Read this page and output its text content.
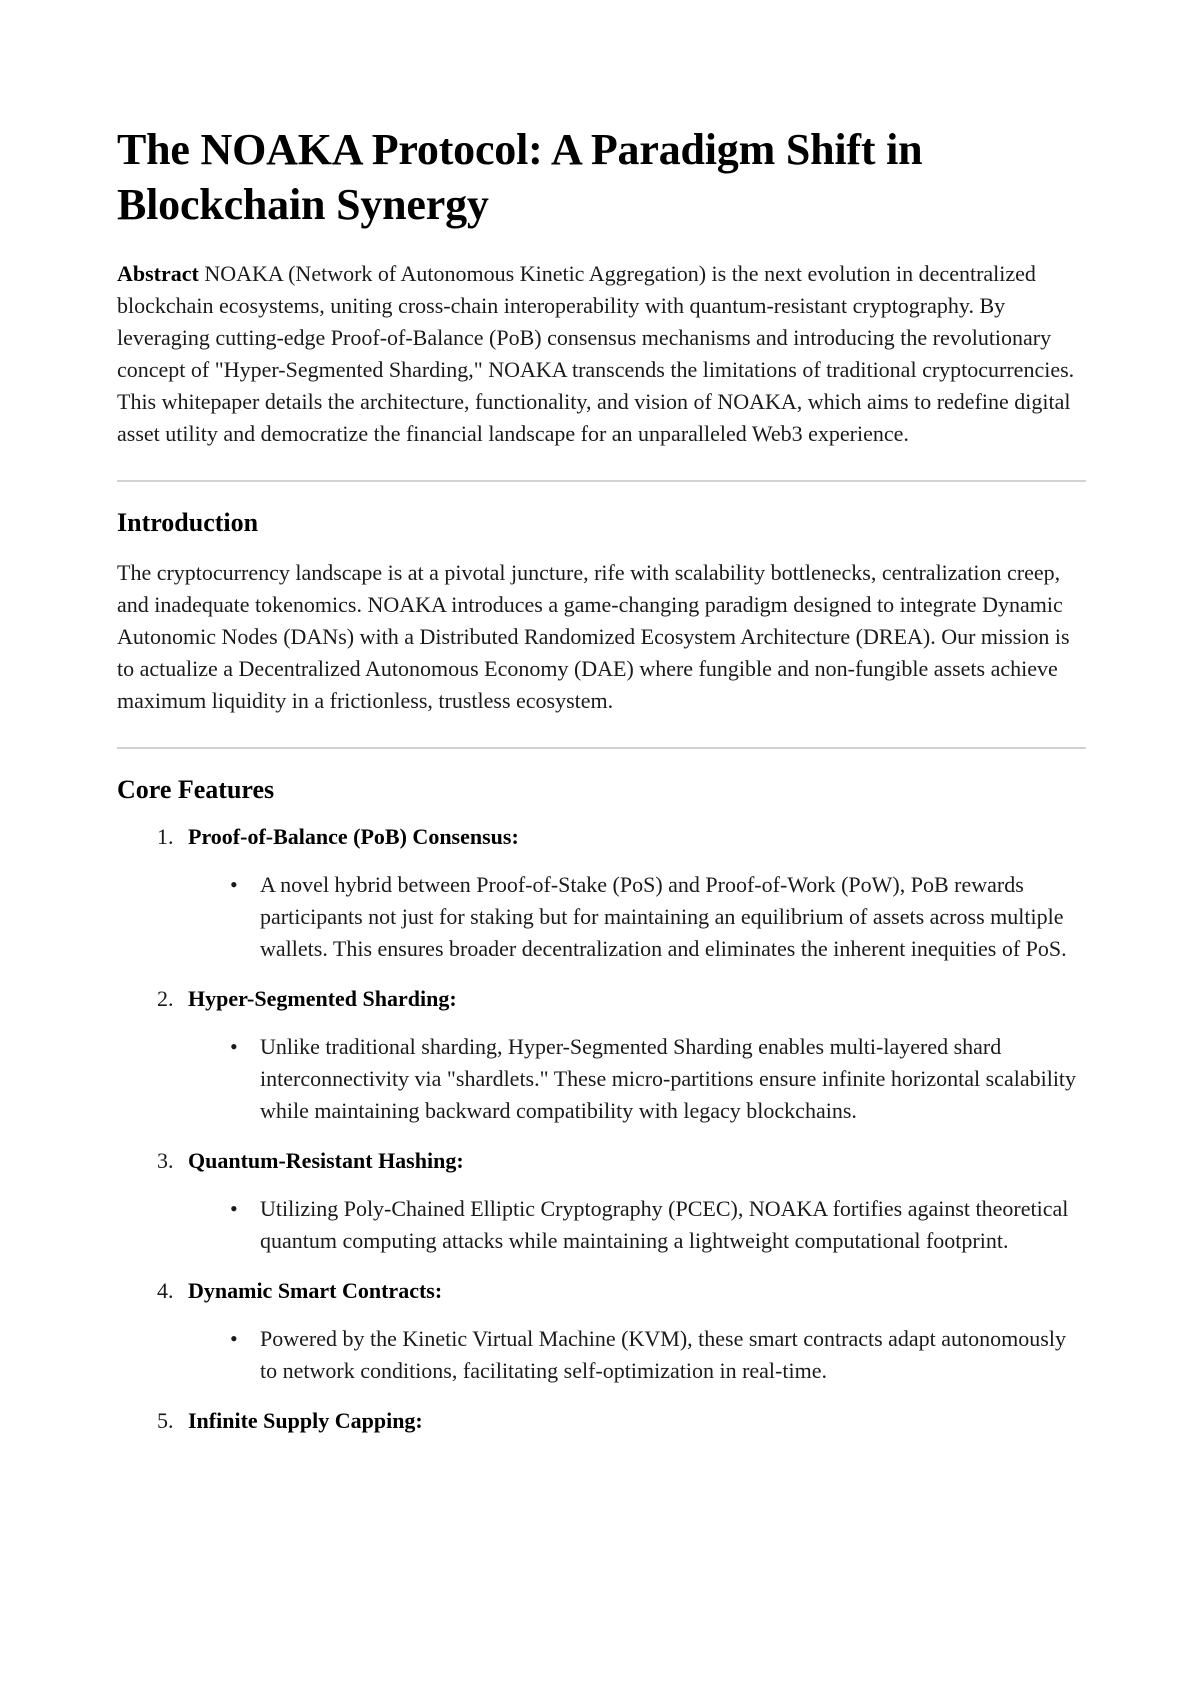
The NOAKA Protocol: A Paradigm Shift in Blockchain Synergy

Abstract NOAKA (Network of Autonomous Kinetic Aggregation) is the next evolution in decentralized blockchain ecosystems, uniting cross-chain interoperability with quantum-resistant cryptography. By leveraging cutting-edge Proof-of-Balance (PoB) consensus mechanisms and introducing the revolutionary concept of "Hyper-Segmented Sharding," NOAKA transcends the limitations of traditional cryptocurrencies. This whitepaper details the architecture, functionality, and vision of NOAKA, which aims to redefine digital asset utility and democratize the financial landscape for an unparalleled Web3 experience.

Introduction

The cryptocurrency landscape is at a pivotal juncture, rife with scalability bottlenecks, centralization creep, and inadequate tokenomics. NOAKA introduces a game-changing paradigm designed to integrate Dynamic Autonomic Nodes (DANs) with a Distributed Randomized Ecosystem Architecture (DREA). Our mission is to actualize a Decentralized Autonomous Economy (DAE) where fungible and non-fungible assets achieve maximum liquidity in a frictionless, trustless ecosystem.

Core Features

1. Proof-of-Balance (PoB) Consensus:

• A novel hybrid between Proof-of-Stake (PoS) and Proof-of-Work (PoW), PoB rewards participants not just for staking but for maintaining an equilibrium of assets across multiple wallets. This ensures broader decentralization and eliminates the inherent inequities of PoS.

2. Hyper-Segmented Sharding:

• Unlike traditional sharding, Hyper-Segmented Sharding enables multi-layered shard interconnectivity via "shardlets." These micro-partitions ensure infinite horizontal scalability while maintaining backward compatibility with legacy blockchains.

3. Quantum-Resistant Hashing:

• Utilizing Poly-Chained Elliptic Cryptography (PCEC), NOAKA fortifies against theoretical quantum computing attacks while maintaining a lightweight computational footprint.

4. Dynamic Smart Contracts:

• Powered by the Kinetic Virtual Machine (KVM), these smart contracts adapt autonomously to network conditions, facilitating self-optimization in real-time.

5. Infinite Supply Capping:
